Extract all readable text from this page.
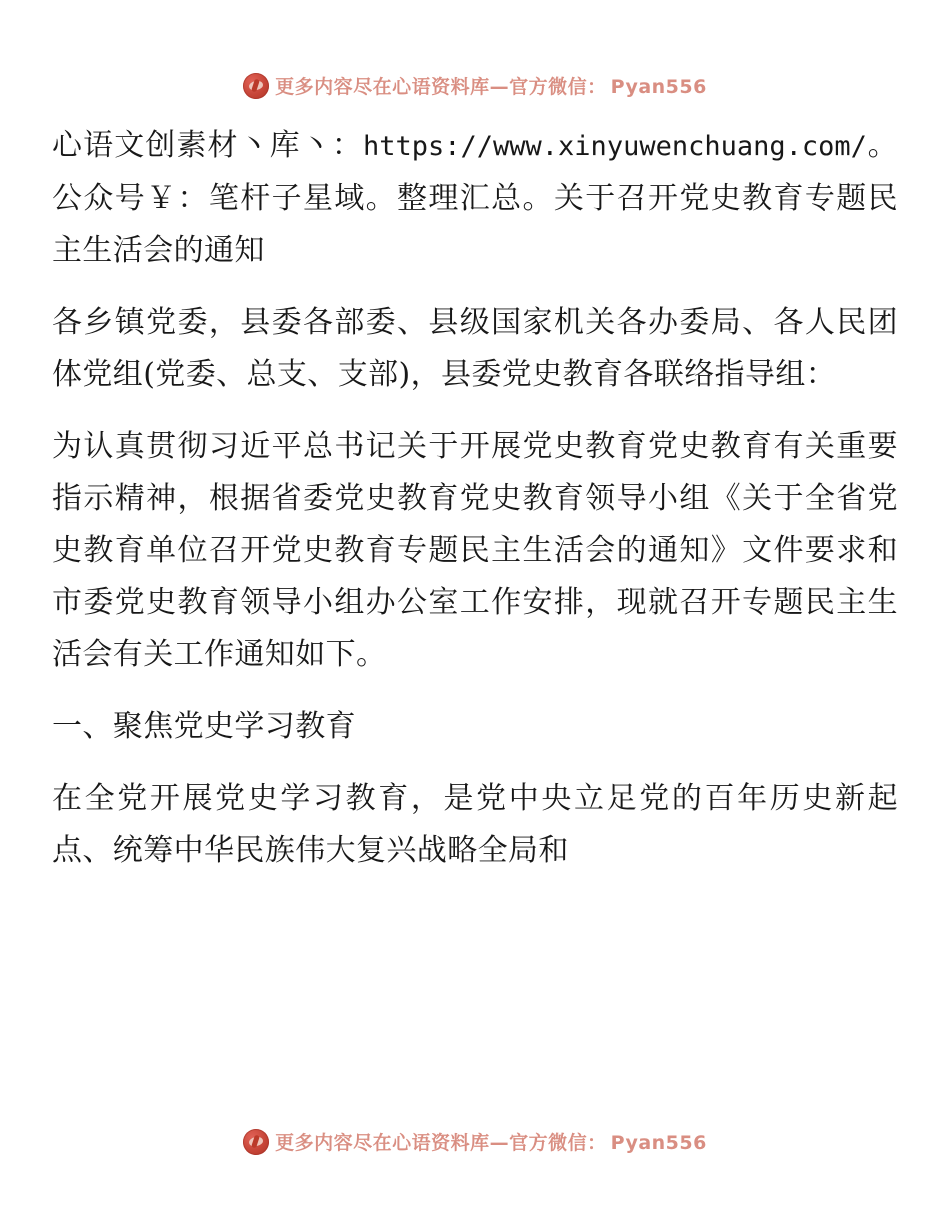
更多内容尽在心语资料库—官方微信： Pyan556

心语文创素材丶库丶：https://www.xinyuwenchuang.com/。公众号￥：笔杆子星域。整理汇总。关于召开党史教育专题民主生活会的通知

各乡镇党委，县委各部委、县级国家机关各办委局、各人民团体党组(党委、总支、支部)，县委党史教育各联络指导组：

为认真贯彻习近平总书记关于开展党史教育党史教育有关重要指示精神，根据省委党史教育党史教育领导小组《关于全省党史教育单位召开党史教育专题民主生活会的通知》文件要求和市委党史教育领导小组办公室工作安排，现就召开专题民主生活会有关工作通知如下。

一、聚焦党史学习教育

在全党开展党史学习教育，是党中央立足党的百年历史新起点、统筹中华民族伟大复兴战略全局和

更多内容尽在心语资料库—官方微信： Pyan556
